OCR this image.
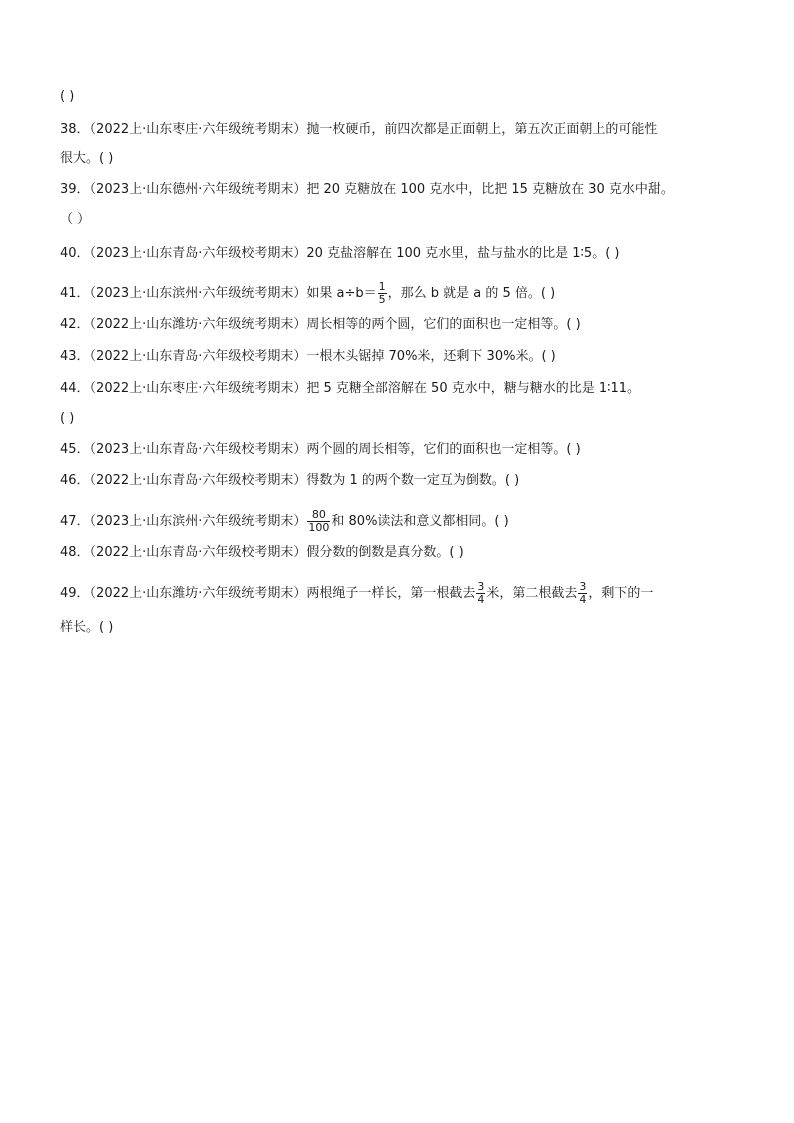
( )
38．（2022上·山东枣庄·六年级统考期末）抛一枚硬币，前四次都是正面朝上，第五次正面朝上的可能性
很大。( )
39．（2023上·山东德州·六年级统考期末）把 20 克糖放在 100 克水中，比把 15 克糖放在 30 克水中甜。
（ ）
40．（2023上·山东青岛·六年级校考期末）20 克盐溶解在 100 克水里，盐与盐水的比是 1∶5。( )
41．（2023上·山东滨州·六年级统考期末）如果 $a\div b= \frac{1}{5}$ ，那么 b 就是 a 的 5 倍。( )
42．（2022上·山东潍坊·六年级统考期末）周长相等的两个圆，它们的面积也一定相等。( )
43．（2022上·山东青岛·六年级校考期末）一根木头锯掉 70%米，还剩下 30%米。( )
44．（2022上·山东枣庄·六年级统考期末）把 5 克糖全部溶解在 50 克水中，糖与糖水的比是 1∶11。
( )
45．（2023上·山东青岛·六年级校考期末）两个圆的周长相等，它们的面积也一定相等。( )
46．（2022上·山东青岛·六年级校考期末）得数为 1 的两个数一定互为倒数。( )
47．（2023上·山东滨州·六年级统考期末） $\frac{80}{100}$ 和 80%读法和意义都相同。( )
48．（2022上·山东青岛·六年级校考期末）假分数的倒数是真分数。( )
49．（2022上·山东潍坊·六年级统考期末）两根绳子一样长，第一根截去 $\frac{3}{4}$ 米，第二根截去 $\frac{3}{4}$ ，剩下的一
样长。( )
